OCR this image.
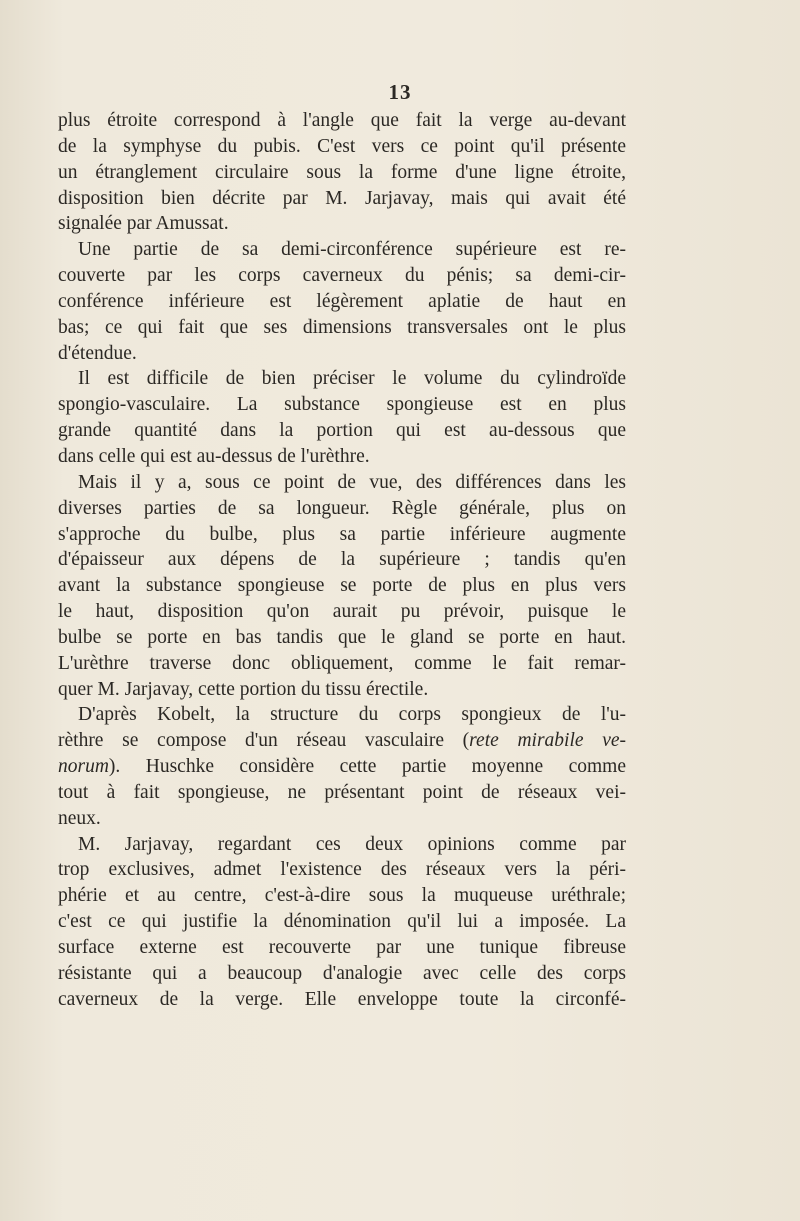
13
plus étroite correspond à l'angle que fait la verge au-devant
de la symphyse du pubis. C'est vers ce point qu'il présente
un étranglement circulaire sous la forme d'une ligne étroite,
disposition bien décrite par M. Jarjavay, mais qui avait été
signalée par Amussat.
Une partie de sa demi-circonférence supérieure est re-
couverte par les corps caverneux du pénis; sa demi-cir-
conférence inférieure est légèrement aplatie de haut en
bas; ce qui fait que ses dimensions transversales ont le plus
d'étendue.
Il est difficile de bien préciser le volume du cylindroïde
spongio-vasculaire. La substance spongieuse est en plus
grande quantité dans la portion qui est au-dessous que
dans celle qui est au-dessus de l'urèthre.
Mais il y a, sous ce point de vue, des différences dans les
diverses parties de sa longueur. Règle générale, plus on
s'approche du bulbe, plus sa partie inférieure augmente
d'épaisseur aux dépens de la supérieure ; tandis qu'en
avant la substance spongieuse se porte de plus en plus vers
le haut, disposition qu'on aurait pu prévoir, puisque le
bulbe se porte en bas tandis que le gland se porte en haut.
L'urèthre traverse donc obliquement, comme le fait remar-
quer M. Jarjavay, cette portion du tissu érectile.
D'après Kobelt, la structure du corps spongieux de l'u-
rèthre se compose d'un réseau vasculaire (rete mirabile ve-
norum). Huschke considère cette partie moyenne comme
tout à fait spongieuse, ne présentant point de réseaux vei-
neux.
M. Jarjavay, regardant ces deux opinions comme par
trop exclusives, admet l'existence des réseaux vers la péri-
phérie et au centre, c'est-à-dire sous la muqueuse uréthrale;
c'est ce qui justifie la dénomination qu'il lui a imposée. La
surface externe est recouverte par une tunique fibreuse
résistante qui a beaucoup d'analogie avec celle des corps
caverneux de la verge. Elle enveloppe toute la circonfé-
